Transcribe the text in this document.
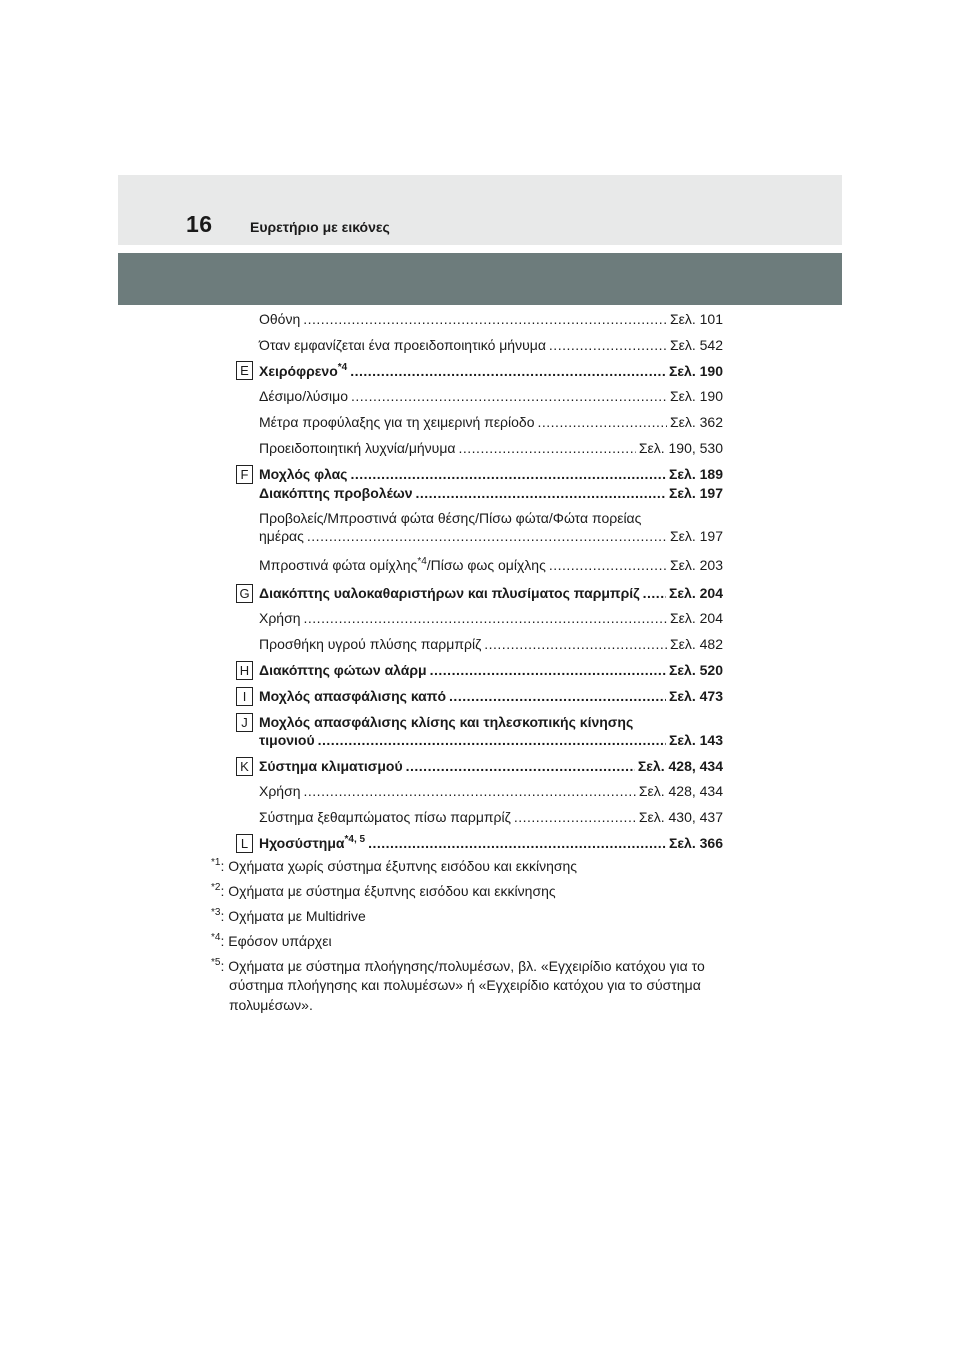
16	Ευρετήριο με εικόνες
Οθόνη .....	Σελ. 101
Όταν εμφανίζεται ένα προειδοποιητικό μήνυμα .....	Σελ. 542
E Χειρόφρενο$^{*4}$ .....	Σελ. 190
Δέσιμο/λύσιμο .....	Σελ. 190
Μέτρα προφύλαξης για τη χειμερινή περίοδο .....	Σελ. 362
Προειδοποιητική λυχνία/μήνυμα .....	Σελ. 190, 530
F Μοχλός φλας .....	Σελ. 189
Διακόπτης προβολέων .....	Σελ. 197
Προβολείς/Μπροστινά φώτα θέσης/Πίσω φώτα/Φώτα πορείας
ημέρας .....	Σελ. 197
Μπροστινά φώτα ομίχλης$^{*4}$/Πίσω φως ομίχλης .....	Σελ. 203
G Διακόπτης υαλοκαθαριστήρων και πλυσίματος παρμπρίζ ..... Σελ. 204
Χρήση .....	Σελ. 204
Προσθήκη υγρού πλύσης παρμπρίζ .....	Σελ. 482
H Διακόπτης φώτων αλάρμ .....	Σελ. 520
I Μοχλός απασφάλισης καπό .....	Σελ. 473
J Μοχλός απασφάλισης κλίσης και τηλεσκοπικής κίνησης
τιμονιού .....	Σελ. 143
K Σύστημα κλιματισμού .....	Σελ. 428, 434
Χρήση .....	Σελ. 428, 434
Σύστημα ξεθαμπώματος πίσω παρμπρίζ .....	Σελ. 430, 437
L Ηχοσύστημα$^{*4, 5}$ .....	Σελ. 366
$^{*1}$: Οχήματα χωρίς σύστημα έξυπνης εισόδου και εκκίνησης
$^{*2}$: Οχήματα με σύστημα έξυπνης εισόδου και εκκίνησης
$^{*3}$: Οχήματα με Multidrive
$^{*4}$: Εφόσον υπάρχει
$^{*5}$: Οχήματα με σύστημα πλοήγησης/πολυμέσων, βλ. «Εγχειρίδιο κατόχου για το
σύστημα πλοήγησης και πολυμέσων» ή «Εγχειρίδιο κατόχου για το σύστημα
πολυμέσων».
